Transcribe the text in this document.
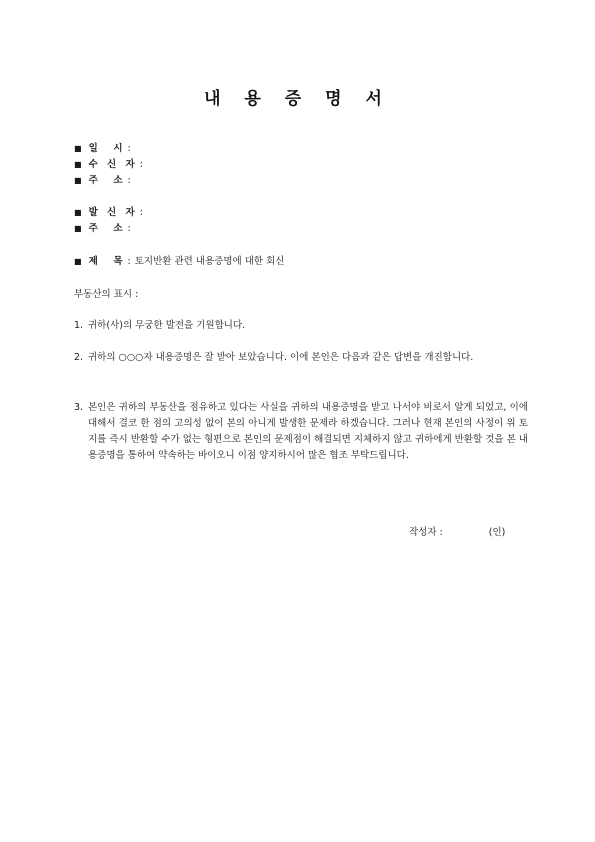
내 용 증 명 서
■ 일  시 :
■ 수 신 자 :
■ 주  소 :
■ 발 신 자 :
■ 주  소 :
■ 제  목 : 토지반환 관련 내용증명에 대한 회신
부동산의 표시 :
1. 귀하(사)의 무궁한 발전을 기원합니다.
2. 귀하의 ○○○자 내용증명은 잘 받아 보았습니다. 이에 본인은 다음과 같은 답변을 개진합니다.
3. 본인은 귀하의 부동산을 점유하고 있다는 사실을 귀하의 내용증명을 받고 나서야 비로서 알게 되었고, 이에 대해서 결코 한 점의 고의성 없이 본의 아니게 발생한 문제라 하겠습니다. 그러나 현재 본인의 사정이 위 토지를 즉시 반환할 수가 없는 형편으로 본인의 문제점이 해결되면 지체하지 않고 귀하에게 반환할 것을 본 내용증명을 통하여 약속하는 바이오니 이점 양지하시어 많은 협조 부탁드립니다.
작성자 :	(인)
